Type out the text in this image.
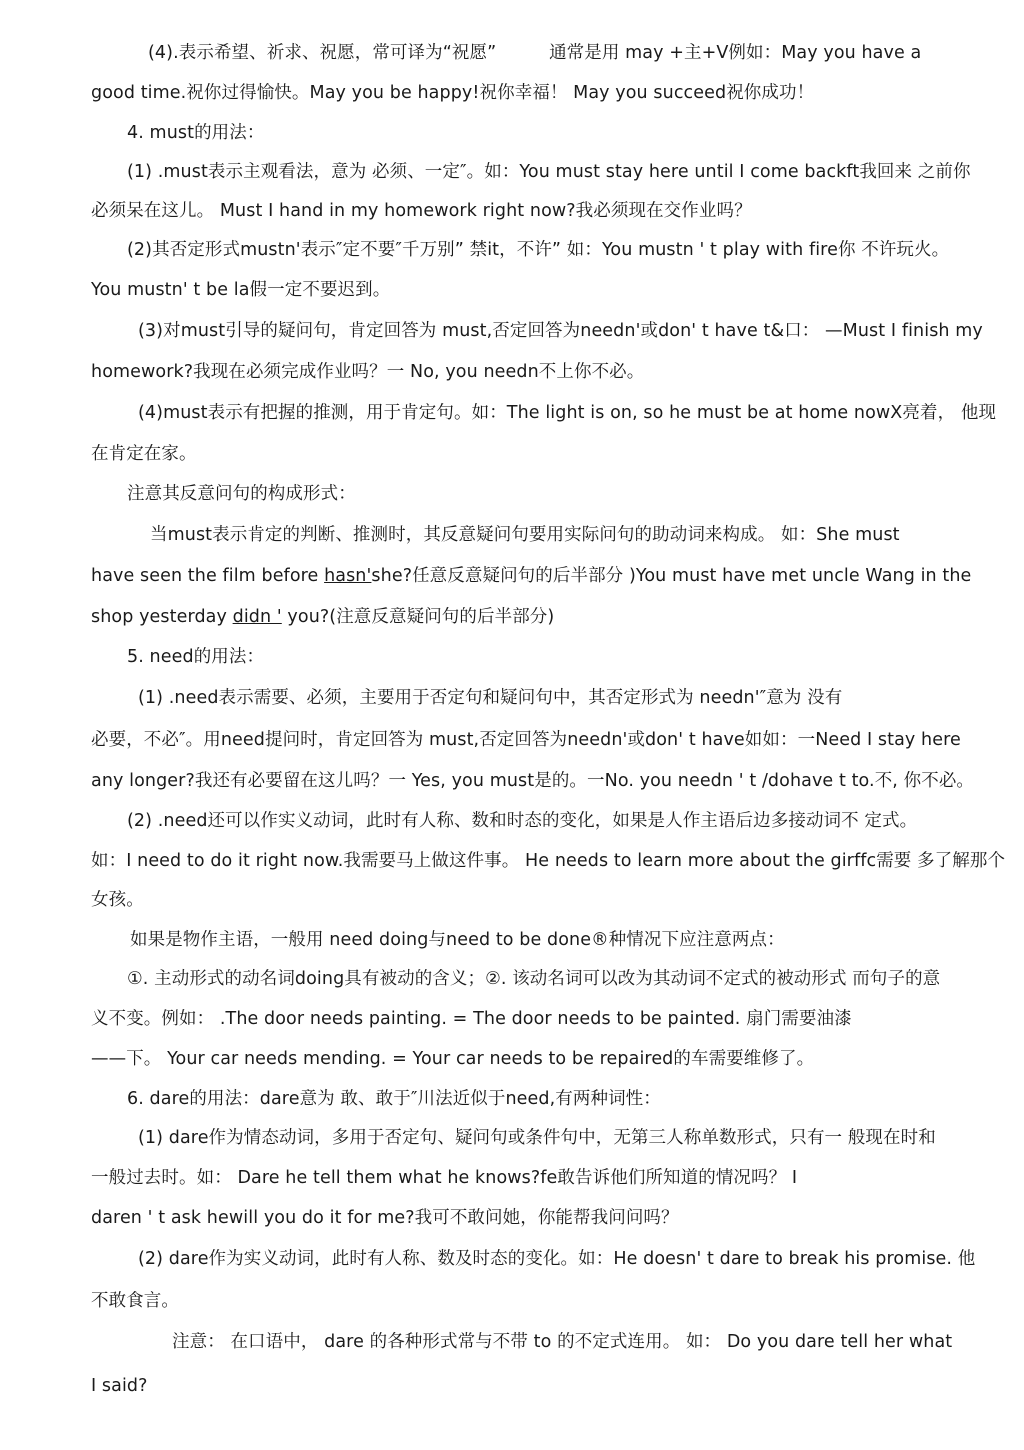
(4).表示希望、祈求、祝愿，常可译为“祝愿”　　　通常是用 may +主+V例如：May you have a
good time.祝你过得愉快。May you be happy!祝你幸福！ May you succeed祝你成功！
4. must的用法：
(1) .must表示主观看法，意为 必须、一定″。如：You must stay here until I come backft我回来 之前你
必须呆在这儿。 Must I hand in my homework right now?我必须现在交作业吗？
(2)其否定形式mustn'表示″定不要″千万别” 禁it，不许” 如：You mustn ' t play with fire你 不许玩火。
You mustn' t be la假一定不要迟到。
(3)对must引导的疑问句，肯定回答为 must,否定回答为needn'或don' t have t&口： —Must I finish my
homework?我现在必须完成作业吗？一 No, you needn不上你不必。
(4)must表示有把握的推测，用于肯定句。如：The light is on, so he must be at home nowX亮着， 他现
在肯定在家。
注意其反意问句的构成形式：
当must表示肯定的判断、推测时，其反意疑问句要用实际问句的助动词来构成。 如：She must
have seen the film before hasn'she?任意反意疑问句的后半部分 )You must have met uncle Wang in the
shop yesterday didn ' you?(注意反意疑问句的后半部分)
5. need的用法：
(1) .need表示需要、必须，主要用于否定句和疑问句中，其否定形式为 needn'″意为 没有
必要，不必″。用need提问时，肯定回答为 must,否定回答为needn'或don' t have如如：一Need I stay here
any longer?我还有必要留在这儿吗？一 Yes, you must是的。一No. you needn ' t /dohave t to.不, 你不必。
(2) .need还可以作实义动词，此时有人称、数和时态的变化，如果是人作主语后边多接动词不 定式。
如：I need to do it right now.我需要马上做这件事。 He needs to learn more about the girffc需要 多了解那个
女孩。
如果是物作主语，一般用 need doing与need to be done®种情况下应注意两点：
①. 主动形式的动名词doing具有被动的含义；②. 该动名词可以改为其动词不定式的被动形式 而句子的意
义不变。例如： .The door needs painting. = The door needs to be painted. 扇门需要油漆
——下。 Your car needs mending. = Your car needs to be repaired的车需要维修了。
6. dare的用法：dare意为 敢、敢于″川法近似于need,有两种词性：
(1) dare作为情态动词，多用于否定句、疑问句或条件句中，无第三人称单数形式，只有一 般现在时和
一般过去时。如： Dare he tell them what he knows?fe敢告诉他们所知道的情况吗？ I
daren ' t ask hewill you do it for me?我可不敢问她，你能帮我问问吗？
(2) dare作为实义动词，此时有人称、数及时态的变化。如：He doesn' t dare to break his promise. 他
不敢食言。
注意： 在口语中， dare 的各种形式常与不带 to 的不定式连用。 如： Do you dare tell her what
I said?
